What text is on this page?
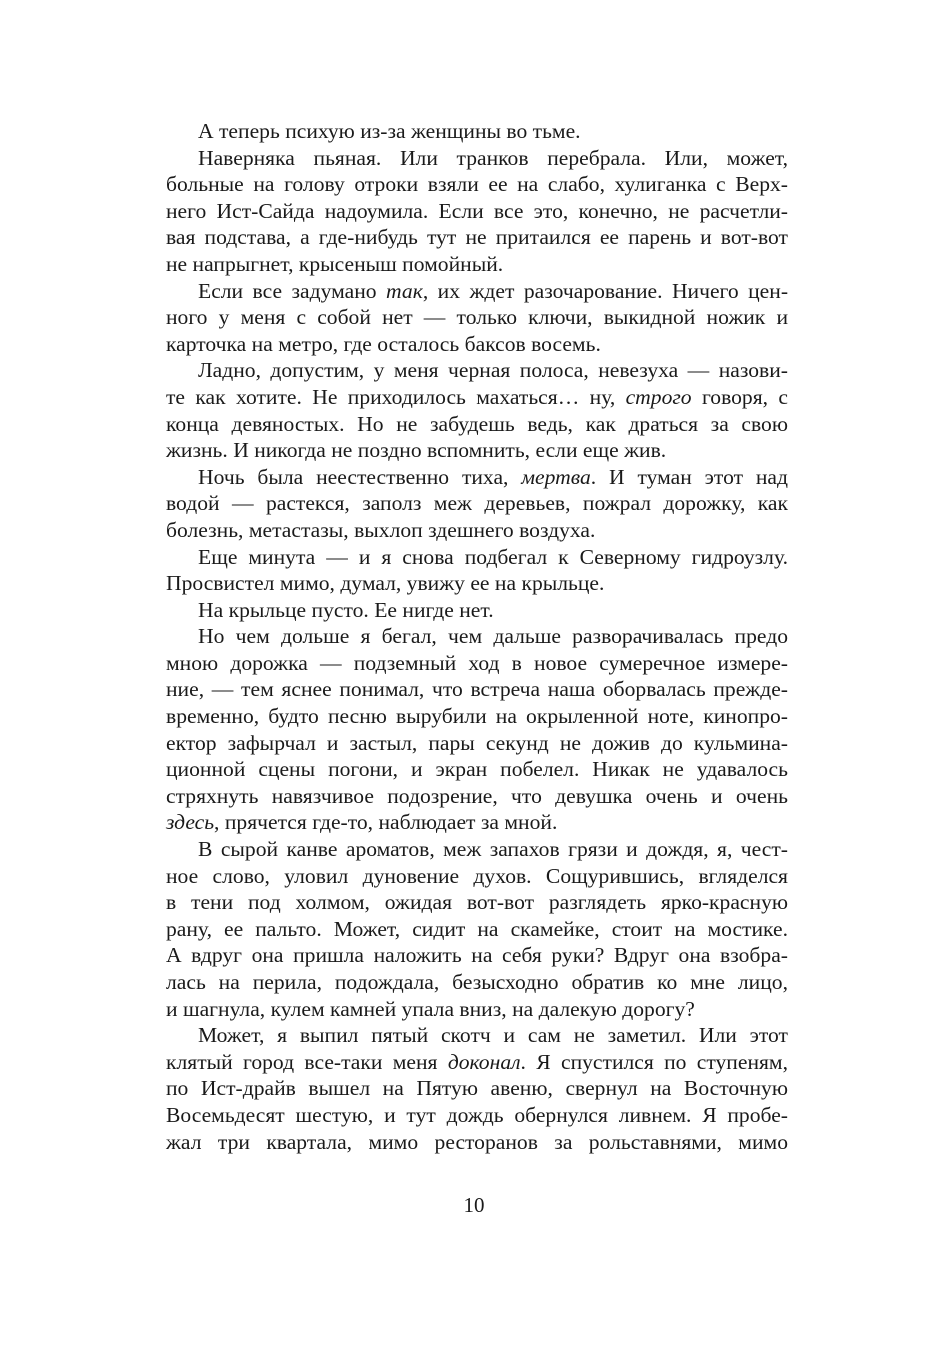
А теперь психую из-за женщины во тьме.
Наверняка пьяная. Или транков перебрала. Или, может,
больные на голову отроки взяли ее на слабо, хулиганка с Верх-
него Ист-Сайда надоумила. Если все это, конечно, не расчетли-
вая подстава, а где-нибудь тут не притаился ее парень и вот-вот
не напрыгнет, крысеныш помойный.
Если все задумано так, их ждет разочарование. Ничего цен-
ного у меня с собой нет — только ключи, выкидной ножик и
карточка на метро, где осталось баксов восемь.
Ладно, допустим, у меня черная полоса, невезуха — назови-
те как хотите. Не приходилось махаться… ну, строго говоря, с
конца девяностых. Но не забудешь ведь, как драться за свою
жизнь. И никогда не поздно вспомнить, если еще жив.
Ночь была неестественно тиха, мертва. И туман этот над
водой — растекся, заполз меж деревьев, пожрал дорожку, как
болезнь, метастазы, выхлоп здешнего воздуха.
Еще минута — и я снова подбегал к Северному гидроузлу.
Просвистел мимо, думал, увижу ее на крыльце.
На крыльце пусто. Ее нигде нет.
Но чем дольше я бегал, чем дальше разворачивалась предо
мною дорожка — подземный ход в новое сумеречное измере-
ние, — тем яснее понимал, что встреча наша оборвалась прежде-
временно, будто песню вырубили на окрыленной ноте, кинопро-
ектор зафырчал и застыл, пары секунд не дожив до кульмина-
ционной сцены погони, и экран побелел. Никак не удавалось
стряхнуть навязчивое подозрение, что девушка очень и очень
здесь, прячется где-то, наблюдает за мной.
В сырой канве ароматов, меж запахов грязи и дождя, я, чест-
ное слово, уловил дуновение духов. Сощурившись, вгляделся
в тени под холмом, ожидая вот-вот разглядеть ярко-красную
рану, ее пальто. Может, сидит на скамейке, стоит на мостике.
А вдруг она пришла наложить на себя руки? Вдруг она взобра-
лась на перила, подождала, безысходно обратив ко мне лицо,
и шагнула, кулем камней упала вниз, на далекую дорогу?
Может, я выпил пятый скотч и сам не заметил. Или этот
клятый город все-таки меня доконал. Я спустился по ступеням,
по Ист-драйв вышел на Пятую авеню, свернул на Восточную
Восемьдесят шестую, и тут дождь обернулся ливнем. Я пробе-
жал три квартала, мимо ресторанов за рольставнями, мимо
10
